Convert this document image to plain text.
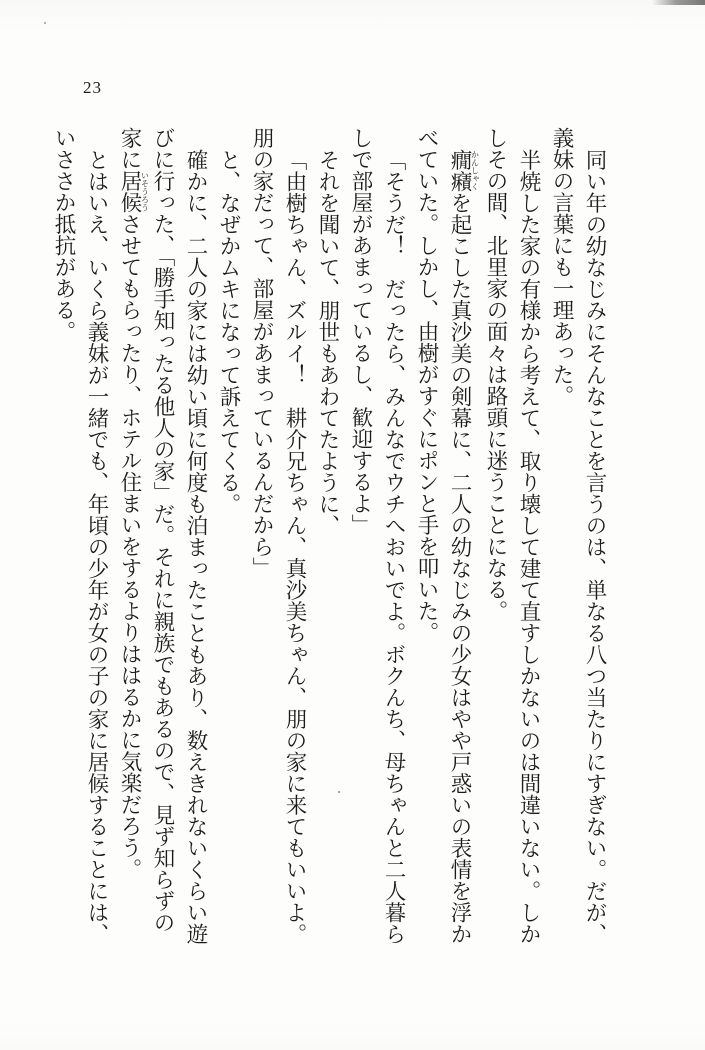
23

同い年の幼なじみにそんなことを言うのは、単なる八つ当たりにすぎない。だが、義妹の言葉にも一理あった。

半焼した家の有様から考えて、取り壊して建て直すしかないのは間違いない。しかしその間、北里家の面々は路頭に迷うことになる。

癇癪かんしゃくを起こした真沙美の剣幕に、二人の幼なじみの少女はやや戸惑いの表情を浮かべていた。しかし、由樹がすぐにポンと手を叩いた。

「そうだ！　だったら、みんなでウチへおいでよ。ボクんち、母ちゃんと二人暮らしで部屋があまっているし、歓迎するよ」

それを聞いて、朋世もあわてたように、

「由樹ちゃん、ズルイ！　耕介兄ちゃん、真沙美ちゃん、朋の家に来てもいいよ。朋の家だって、部屋があまっているんだから」

と、なぜかムキになって訴えてくる。

確かに、二人の家には幼い頃に何度も泊まったこともあり、数えきれないくらい遊びに行った、「勝手知ったる他人の家」だ。それに親族でもあるので、見ず知らずの家に居候いそうろうさせてもらったり、ホテル住まいをするよりははるかに気楽だろう。

とはいえ、いくら義妹が一緒でも、年頃の少年が女の子の家に居候することには、いささか抵抗がある。
